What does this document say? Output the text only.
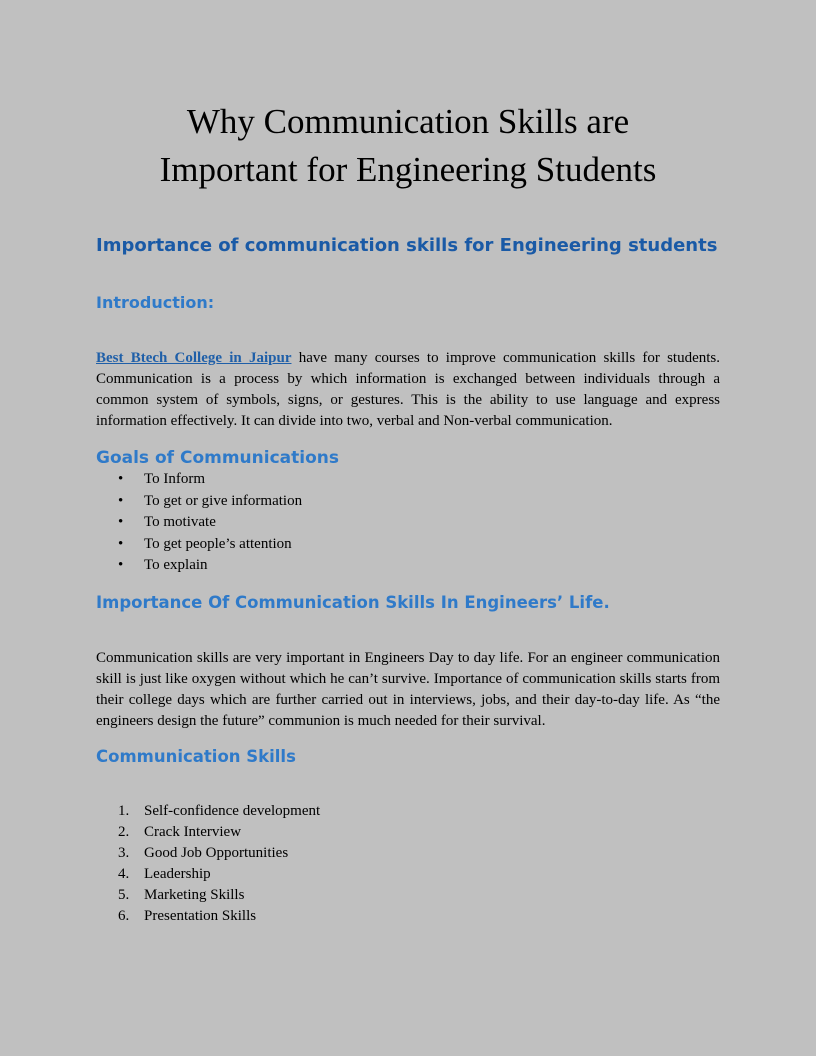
Why Communication Skills are
Important for Engineering Students
Importance of communication skills for Engineering students
Introduction:

Best Btech College in Jaipur have many courses to improve communication skills for students. Communication is a process by which information is exchanged between individuals through a common system of symbols, signs, or gestures. This is the ability to use language and express information effectively. It can divide into two, verbal and Non-verbal communication.

Goals of Communications
• To Inform
• To get or give information
• To motivate
• To get people’s attention
• To explain
Importance Of Communication Skills In Engineers’ Life.

Communication skills are very important in Engineers Day to day life. For an engineer communication skill is just like oxygen without which he can’t survive. Importance of communication skills starts from their college days which are further carried out in interviews, jobs, and their day-to-day life. As “the engineers design the future” communion is much needed for their survival.

Communication Skills
1. Self-confidence development
2. Crack Interview
3. Good Job Opportunities
4. Leadership
5. Marketing Skills
6. Presentation Skills
